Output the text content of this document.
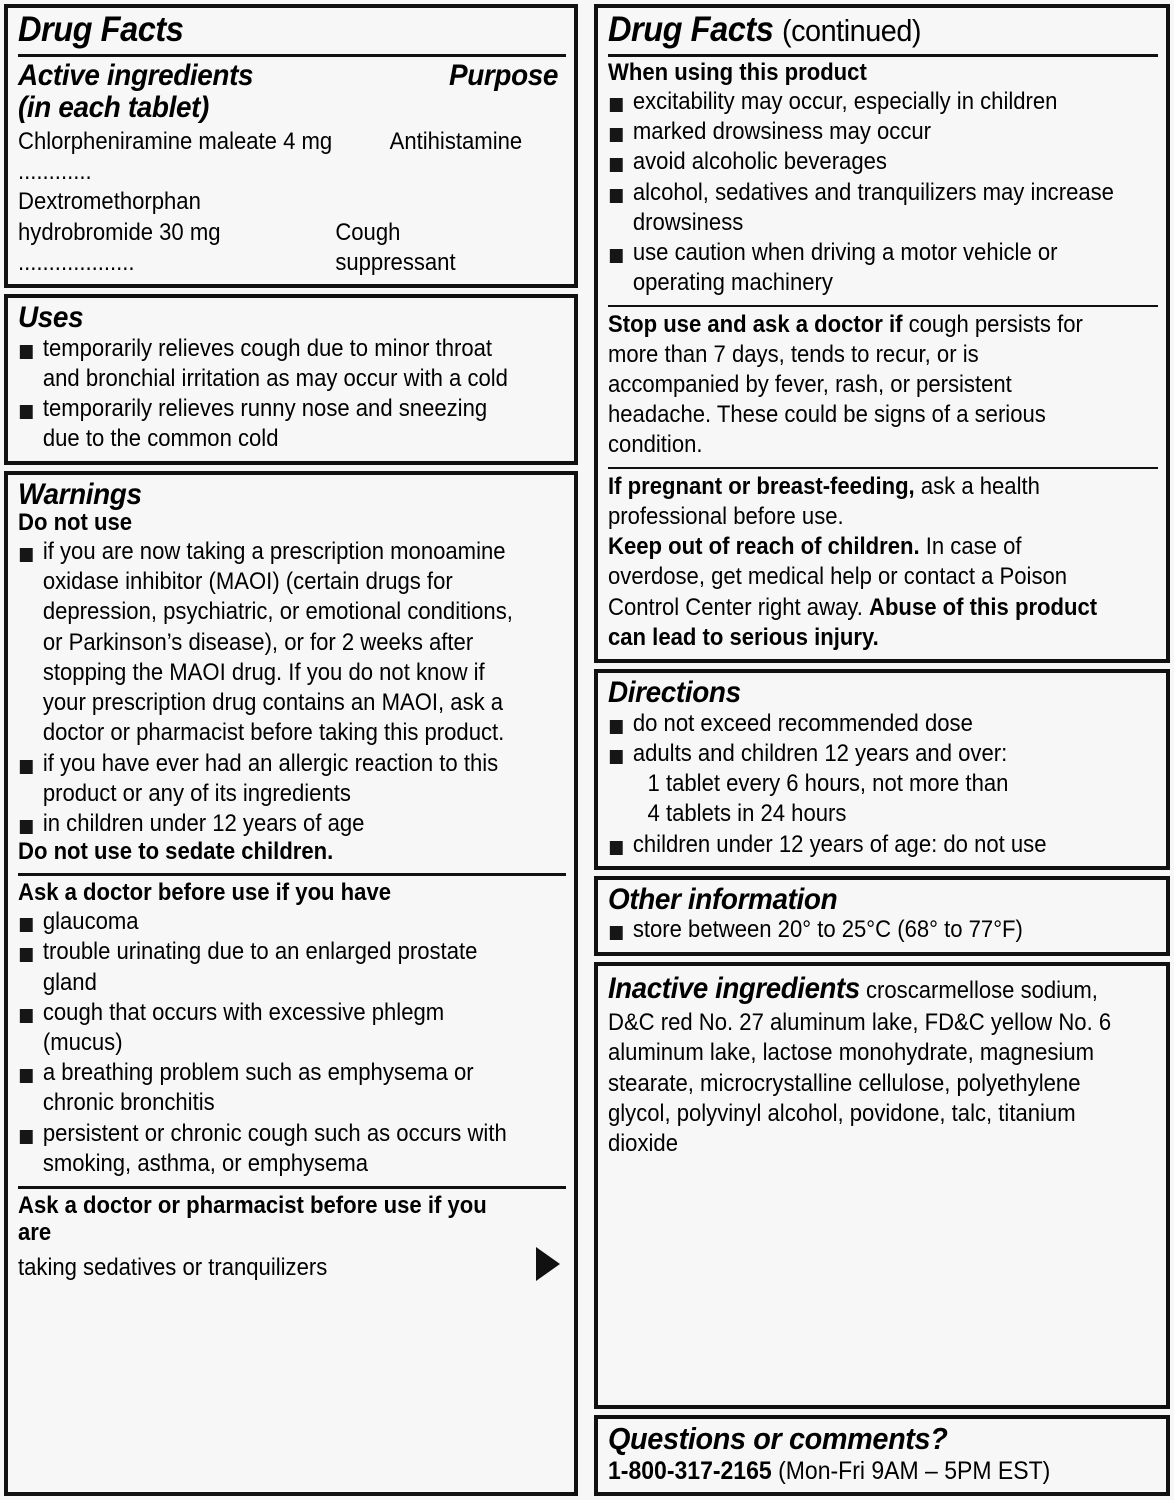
Drug Facts
Active ingredients	Purpose
(in each tablet)
Chlorpheniramine maleate 4 mg ............
Antihistamine
Dextromethorphan
hydrobromide 30 mg ...................
Cough suppressant
Uses
temporarily relieves cough due to minor throat and bronchial irritation as may occur with a cold
temporarily relieves runny nose and sneezing due to the common cold
Warnings
Do not use
if you are now taking a prescription monoamine oxidase inhibitor (MAOI) (certain drugs for depression, psychiatric, or emotional conditions, or Parkinson’s disease), or for 2 weeks after stopping the MAOI drug. If you do not know if your prescription drug contains an MAOI, ask a doctor or pharmacist before taking this product.
if you have ever had an allergic reaction to this product or any of its ingredients
in children under 12 years of age
Do not use to sedate children.
Ask a doctor before use if you have
glaucoma
trouble urinating due to an enlarged prostate gland
cough that occurs with excessive phlegm (mucus)
a breathing problem such as emphysema or chronic bronchitis
persistent or chronic cough such as occurs with smoking, asthma, or emphysema
Ask a doctor or pharmacist before use if you are
taking sedatives or tranquilizers
Drug Facts (continued)
When using this product
excitability may occur, especially in children
marked drowsiness may occur
avoid alcoholic beverages
alcohol, sedatives and tranquilizers may increase drowsiness
use caution when driving a motor vehicle or operating machinery
Stop use and ask a doctor if cough persists for more than 7 days, tends to recur, or is accompanied by fever, rash, or persistent headache. These could be signs of a serious condition.
If pregnant or breast-feeding, ask a health professional before use.
Keep out of reach of children. In case of overdose, get medical help or contact a Poison Control Center right away. Abuse of this product can lead to serious injury.
Directions
do not exceed recommended dose
adults and children 12 years and over:
1 tablet every 6 hours, not more than
4 tablets in 24 hours
children under 12 years of age: do not use
Other information
store between 20° to 25°C (68° to 77°F)
Inactive ingredients croscarmellose sodium, D&C red No. 27 aluminum lake, FD&C yellow No. 6 aluminum lake, lactose monohydrate, magnesium stearate, microcrystalline cellulose, polyethylene glycol, polyvinyl alcohol, povidone, talc, titanium dioxide
Questions or comments?
1-800-317-2165 (Mon-Fri 9AM – 5PM EST)
